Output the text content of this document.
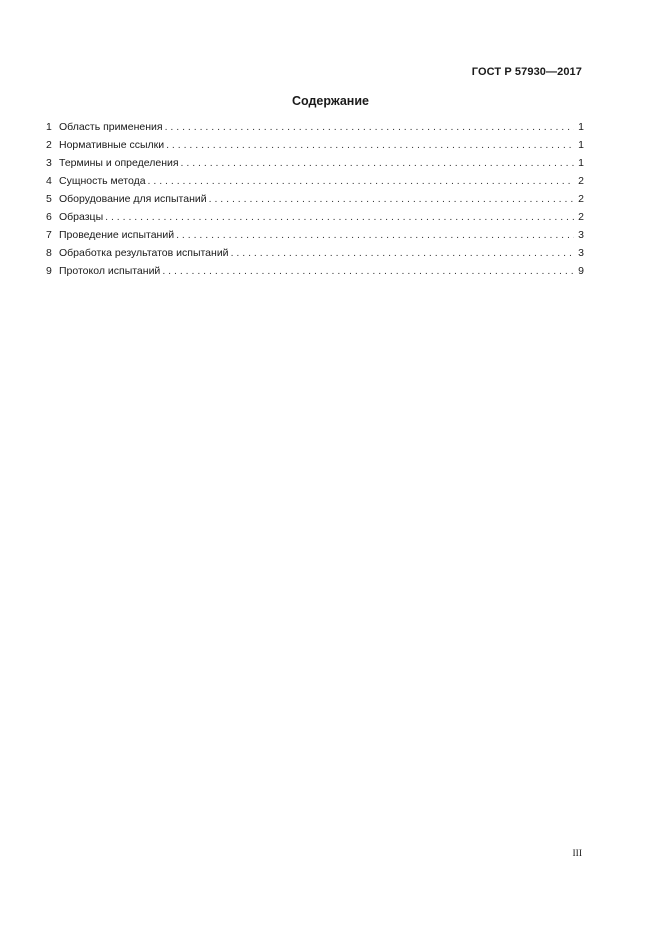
ГОСТ Р 57930—2017
Содержание
1 Область применения . . .	1
2 Нормативные ссылки . . .	1
3 Термины и определения . . .	1
4 Сущность метода . . .	2
5 Оборудование для испытаний . . .	2
6 Образцы . . .	2
7 Проведение испытаний . . .	3
8 Обработка результатов испытаний . . .	3
9 Протокол испытаний . . .	9
III
